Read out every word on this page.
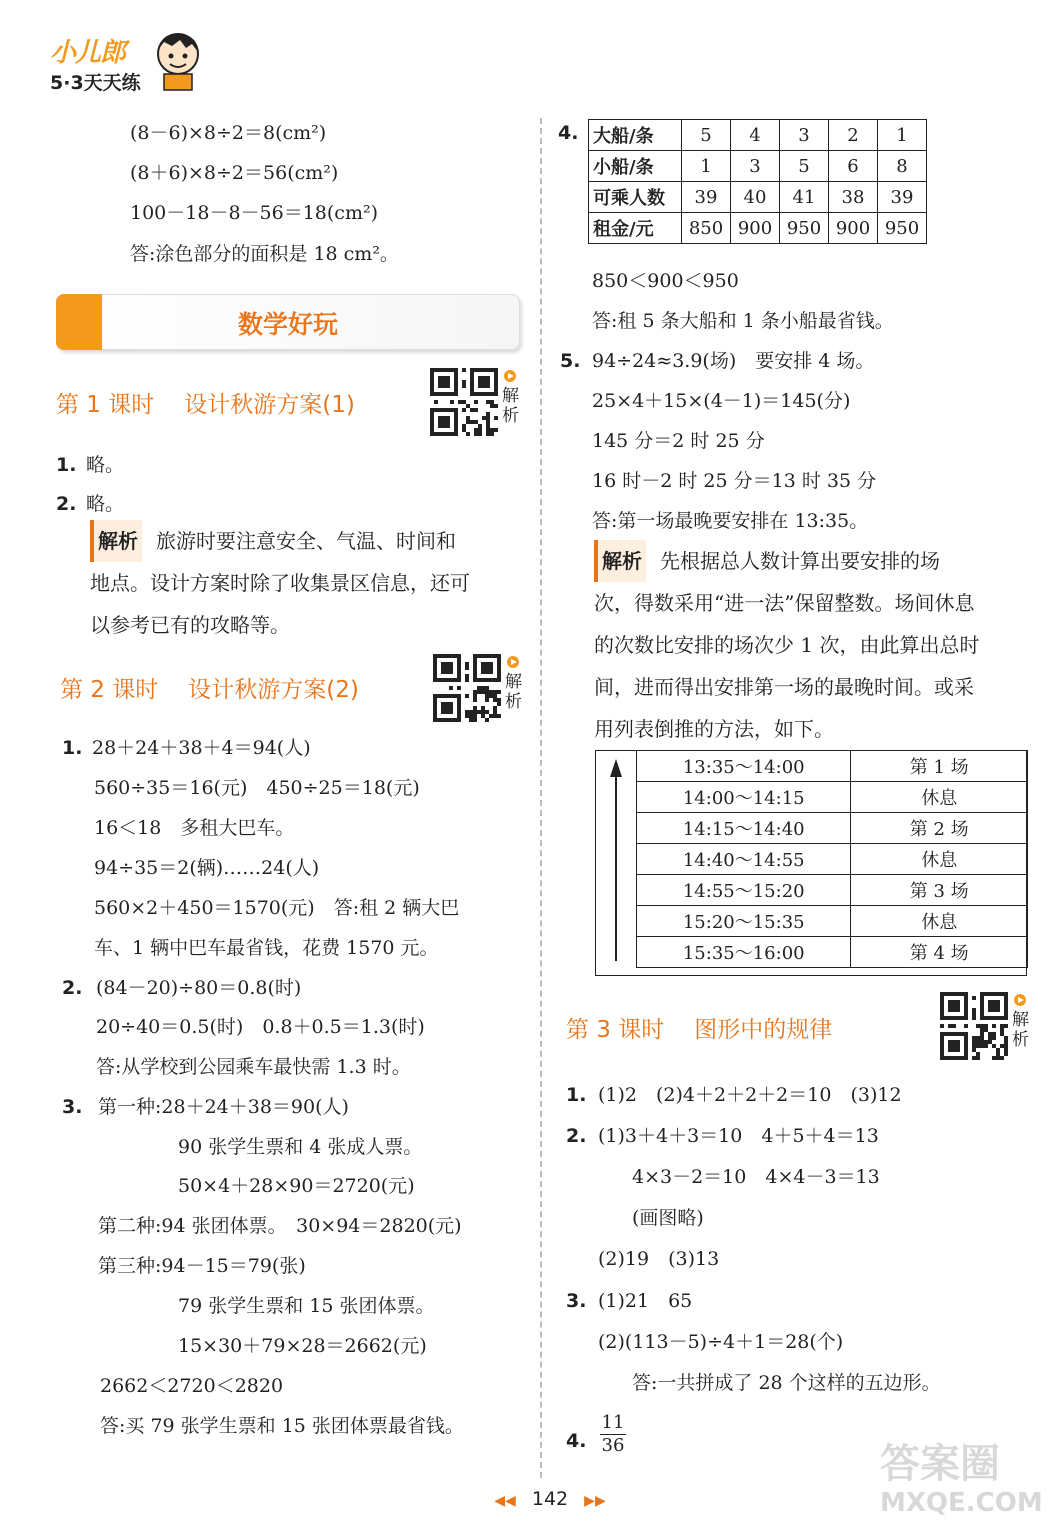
小儿郎
5·3天天练
(8－6)×8÷2＝8(cm²)
(8＋6)×8÷2＝56(cm²)
100－18－8－56＝18(cm²)
答:涂色部分的面积是 18 cm²。
数学好玩
第 1 课时 设计秋游方案(1)	解析
1. 略。
2. 略。
解析 旅游时要注意安全、气温、时间和
地点。设计方案时除了收集景区信息，还可
以参考已有的攻略等。
第 2 课时 设计秋游方案(2)	解析
1. 28＋24＋38＋4＝94(人)
560÷35＝16(元)　450÷25＝18(元)
16＜18　多租大巴车。
94÷35＝2(辆)……24(人)
560×2＋450＝1570(元)　答:租 2 辆大巴
车、1 辆中巴车最省钱，花费 1570 元。
2. (84－20)÷80＝0.8(时)
20÷40＝0.5(时)　0.8＋0.5＝1.3(时)
答:从学校到公园乘车最快需 1.3 时。
3. 第一种:28＋24＋38＝90(人)
90 张学生票和 4 张成人票。
50×4＋28×90＝2720(元)
第二种:94 张团体票。　30×94＝2820(元)
第三种:94－15＝79(张)
79 张学生票和 15 张团体票。
15×30＋79×28＝2662(元)
2662＜2720＜2820
答:买 79 张学生票和 15 张团体票最省钱。
4. 大船/条	5	4	3	2	1
小船/条	1	3	5	6	8
可乘人数	39	40	41	38	39
租金/元	850	900	950	900	950
850＜900＜950
答:租 5 条大船和 1 条小船最省钱。
5. 94÷24≈3.9(场)　要安排 4 场。
25×4＋15×(4－1)＝145(分)
145 分＝2 时 25 分
16 时－2 时 25 分＝13 时 35 分
答:第一场最晚要安排在 13:35。
解析 先根据总人数计算出要安排的场
次，得数采用“进一法”保留整数。场间休息
的次数比安排的场次少 1 次，由此算出总时
间，进而得出安排第一场的最晚时间。或采
用列表倒推的方法，如下。
13:35～14:00	第 1 场
14:00～14:15	休息
14:15～14:40	第 2 场
14:40～14:55	休息
14:55～15:20	第 3 场
15:20～15:35	休息
15:35～16:00	第 4 场
第 3 课时 图形中的规律	解析
1. (1)2　(2)4＋2＋2＋2＝10　(3)12
2. (1)3＋4＋3＝10　4＋5＋4＝13
4×3－2＝10　4×4－3＝13
(画图略)
(2)19　(3)13
3. (1)21　65
(2)(113－5)÷4＋1＝28(个)
答:一共拼成了 28 个这样的五边形。
4.
11
36
◀◀ 142 ▶▶
答案圈
MXQE.COM
